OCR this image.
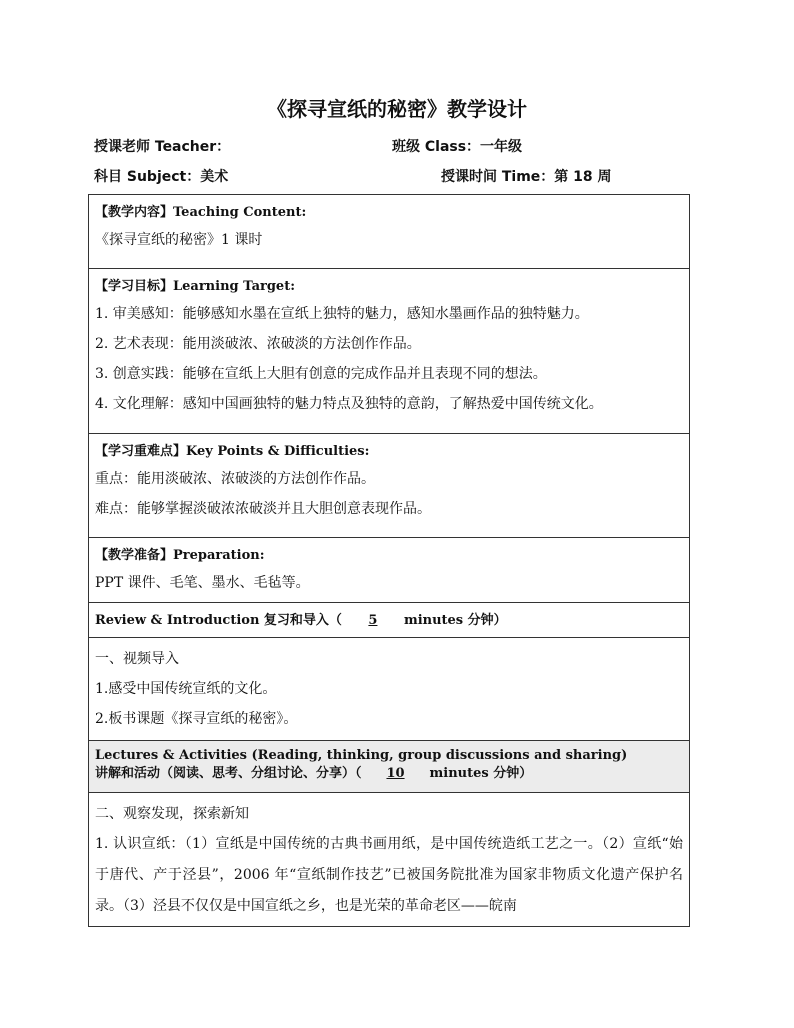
《探寻宣纸的秘密》教学设计
授课老师 Teacher：	班级 Class：一年级
科目 Subject：美术	授课时间 Time：第 18 周
【教学内容】Teaching Content:
《探寻宣纸的秘密》1 课时

【学习目标】Learning Target:
1. 审美感知：能够感知水墨在宣纸上独特的魅力，感知水墨画作品的独特魅力。
2. 艺术表现：能用淡破浓、浓破淡的方法创作作品。
3. 创意实践：能够在宣纸上大胆有创意的完成作品并且表现不同的想法。
4. 文化理解：感知中国画独特的魅力特点及独特的意韵，了解热爱中国传统文化。

【学习重难点】Key Points & Difficulties:
重点：能用淡破浓、浓破淡的方法创作作品。
难点：能够掌握淡破浓浓破淡并且大胆创意表现作品。

【教学准备】Preparation:
PPT 课件、毛笔、墨水、毛毡等。

Review & Introduction 复习和导入（ 5 minutes 分钟）

一、视频导入
1.感受中国传统宣纸的文化。
2.板书课题《探寻宣纸的秘密》。

Lectures & Activities (Reading, thinking, group discussions and sharing)
讲解和活动（阅读、思考、分组讨论、分享）（ 10 minutes 分钟）

二、观察发现，探索新知
1. 认识宣纸：（1）宣纸是中国传统的古典书画用纸，是中国传统造纸工艺之一。（2）宣纸“始于唐代、产于泾县”，2006 年“宣纸制作技艺”已被国务院批准为国家非物质文化遗产保护名录。（3）泾县不仅仅是中国宣纸之乡，也是光荣的革命老区——皖南
